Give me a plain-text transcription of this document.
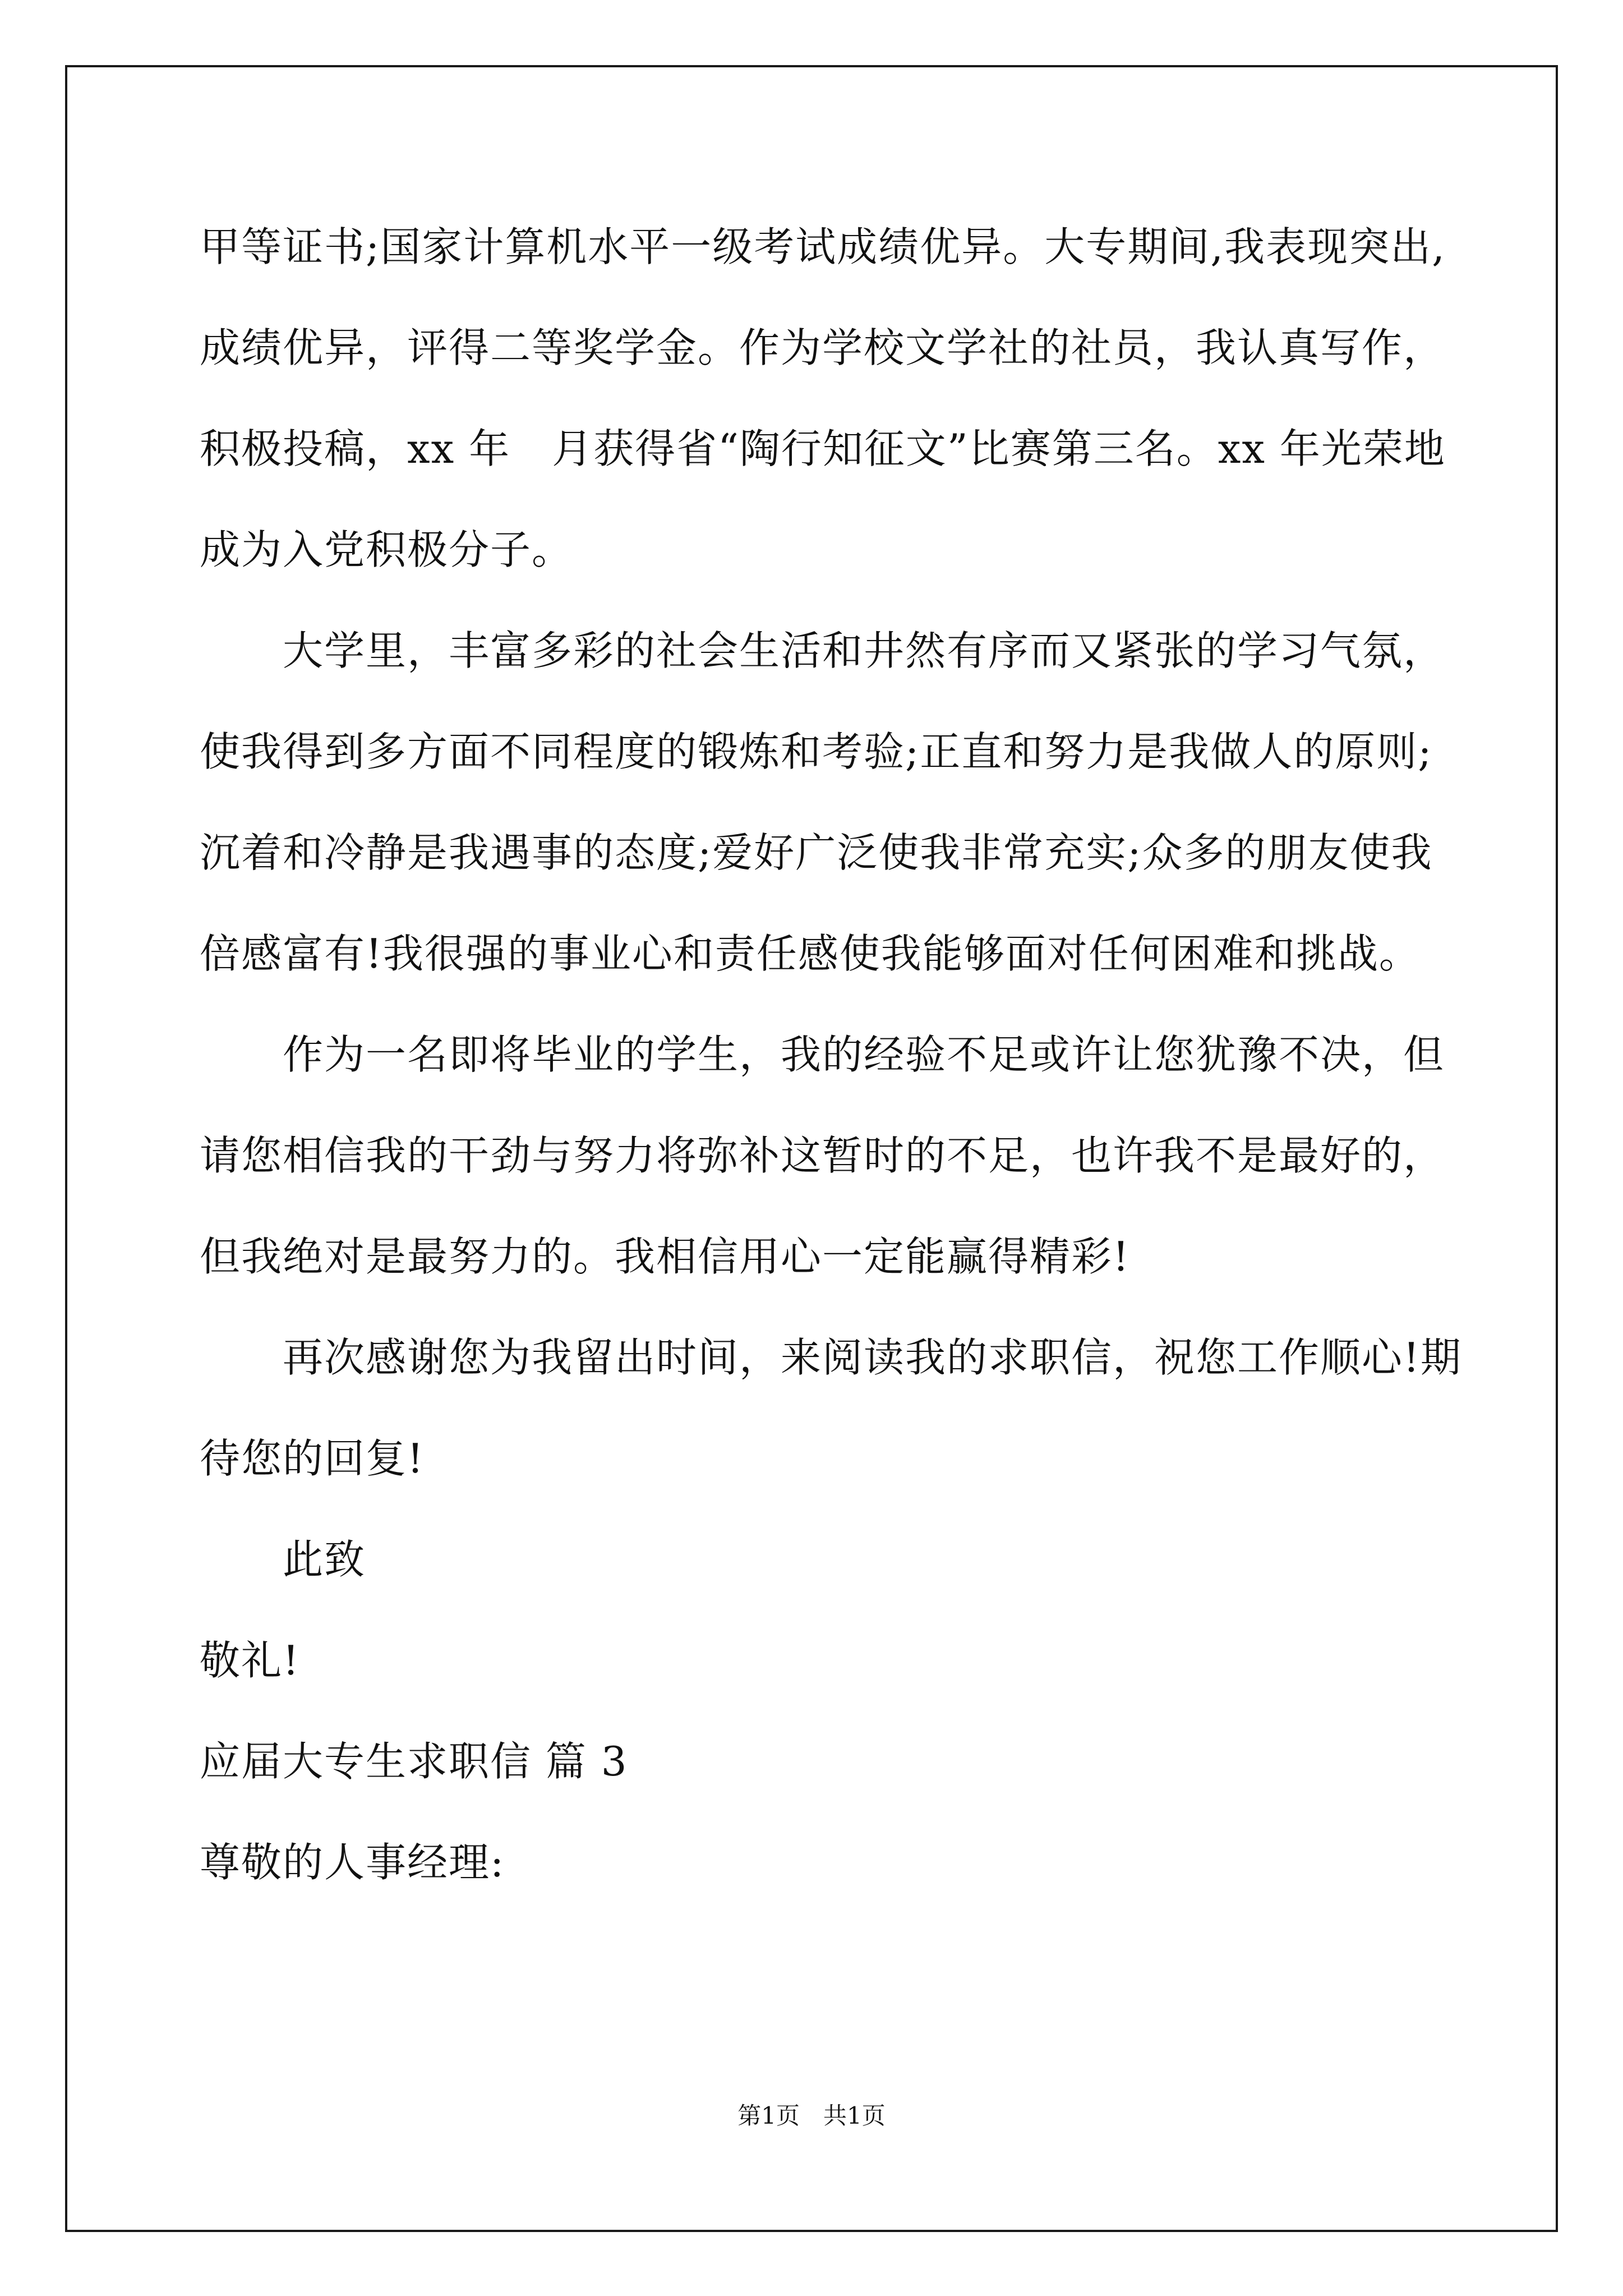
甲等证书;国家计算机水平一级考试成绩优异。大专期间,我表现突出,
成绩优异，评得二等奖学金。作为学校文学社的社员，我认真写作，
积极投稿，xx 年　月获得省“陶行知征文”比赛第三名。xx 年光荣地
成为入党积极分子。
大学里，丰富多彩的社会生活和井然有序而又紧张的学习气氛，
使我得到多方面不同程度的锻炼和考验;正直和努力是我做人的原则;
沉着和冷静是我遇事的态度;爱好广泛使我非常充实;众多的朋友使我
倍感富有!我很强的事业心和责任感使我能够面对任何困难和挑战。
作为一名即将毕业的学生，我的经验不足或许让您犹豫不决，但
请您相信我的干劲与努力将弥补这暂时的不足，也许我不是最好的，
但我绝对是最努力的。我相信用心一定能赢得精彩!
再次感谢您为我留出时间，来阅读我的求职信，祝您工作顺心!期
待您的回复!
此致
敬礼!
应届大专生求职信 篇 3
尊敬的人事经理:
第1页　共1页
